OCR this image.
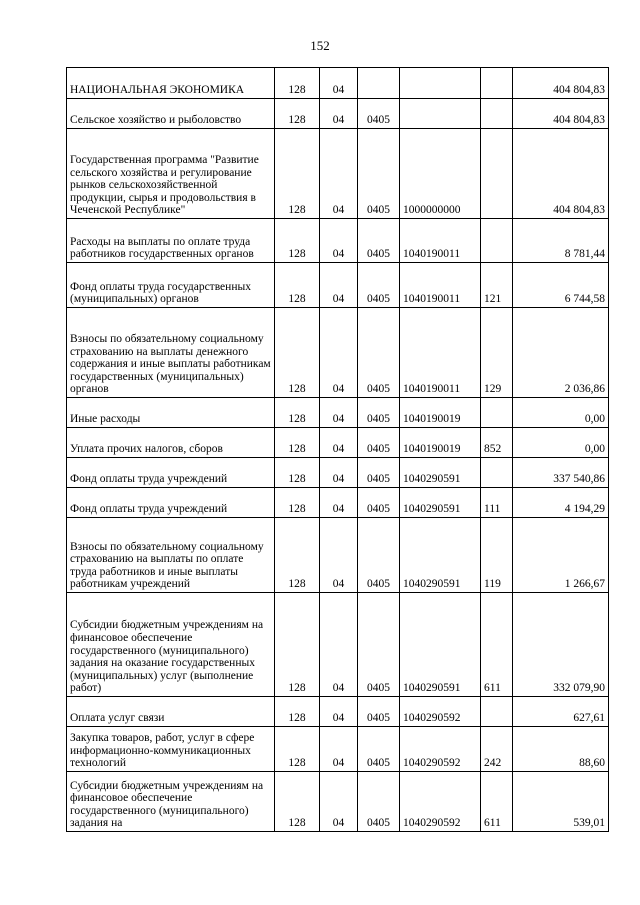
152
НАЦИОНАЛЬНАЯ ЭКОНОМИКА	128	04				404 804,83
Сельское хозяйство и рыболовство	128	04	0405			404 804,83
Государственная программа "Развитие сельского хозяйства и регулирование рынков сельскохозяйственной продукции, сырья и продовольствия в Чеченской Республике"	128	04	0405	1000000000		404 804,83
Расходы на выплаты по оплате труда работников государственных органов	128	04	0405	1040190011		8 781,44
Фонд оплаты труда государственных (муниципальных) органов	128	04	0405	1040190011	121	6 744,58
Взносы по обязательному социальному страхованию на выплаты денежного содержания и иные выплаты работникам государственных (муниципальных) органов	128	04	0405	1040190011	129	2 036,86
Иные расходы	128	04	0405	1040190019		0,00
Уплата прочих налогов, сборов	128	04	0405	1040190019	852	0,00
Фонд оплаты труда учреждений	128	04	0405	1040290591		337 540,86
Фонд оплаты труда учреждений	128	04	0405	1040290591	111	4 194,29
Взносы по обязательному социальному страхованию на выплаты по оплате труда работников и иные выплаты работникам учреждений	128	04	0405	1040290591	119	1 266,67
Субсидии бюджетным учреждениям на финансовое обеспечение государственного (муниципального) задания на оказание государственных (муниципальных) услуг (выполнение работ)	128	04	0405	1040290591	611	332 079,90
Оплата услуг связи	128	04	0405	1040290592		627,61
Закупка товаров, работ, услуг в сфере информационно-коммуникационных технологий	128	04	0405	1040290592	242	88,60
Субсидии бюджетным учреждениям на финансовое обеспечение государственного (муниципального) задания на	128	04	0405	1040290592	611	539,01
